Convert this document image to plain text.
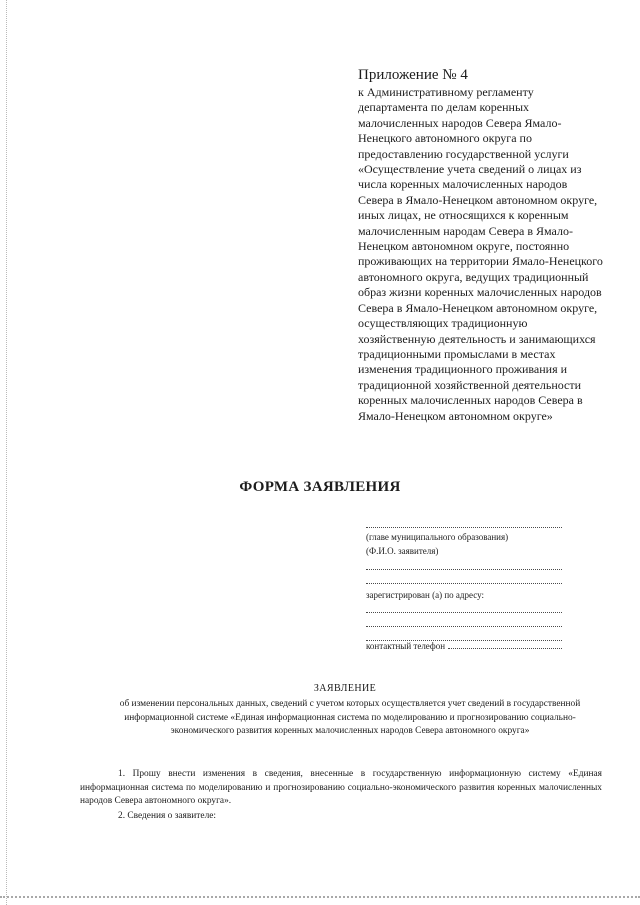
Приложение № 4
к Административному регламенту департамента по делам коренных малочисленных народов Севера Ямало-Ненецкого автономного округа по предоставлению государственной услуги «Осуществление учета сведений о лицах из числа коренных малочисленных народов Севера в Ямало-Ненецком автономном округе, иных лицах, не относящихся к коренным малочисленным народам Севера в Ямало-Ненецком автономном округе, постоянно проживающих на территории Ямало-Ненецкого автономного округа, ведущих традиционный образ жизни коренных малочисленных народов Севера в Ямало-Ненецком автономном округе, осуществляющих традиционную хозяйственную деятельность и занимающихся традиционными промыслами в местах изменения традиционного проживания и традиционной хозяйственной деятельности коренных малочисленных народов Севера в Ямало-Ненецком автономном округе»
ФОРМА ЗАЯВЛЕНИЯ
(главе муниципального образования)
(Ф.И.О. заявителя)
зарегистрирован (а) по адресу:
контактный телефон
ЗАЯВЛЕНИЕ
об изменении персональных данных, сведений с учетом которых осуществляется учет сведений в государственной информационной системе «Единая информационная система по моделированию и прогнозированию социально-экономического развития коренных малочисленных народов Севера автономного округа»
1. Прошу внести изменения в сведения, внесенные в государственную информационную систему «Единая информационная система по моделированию и прогнозированию социально-экономического развития коренных малочисленных народов Севера автономного округа».
2. Сведения о заявителе:
